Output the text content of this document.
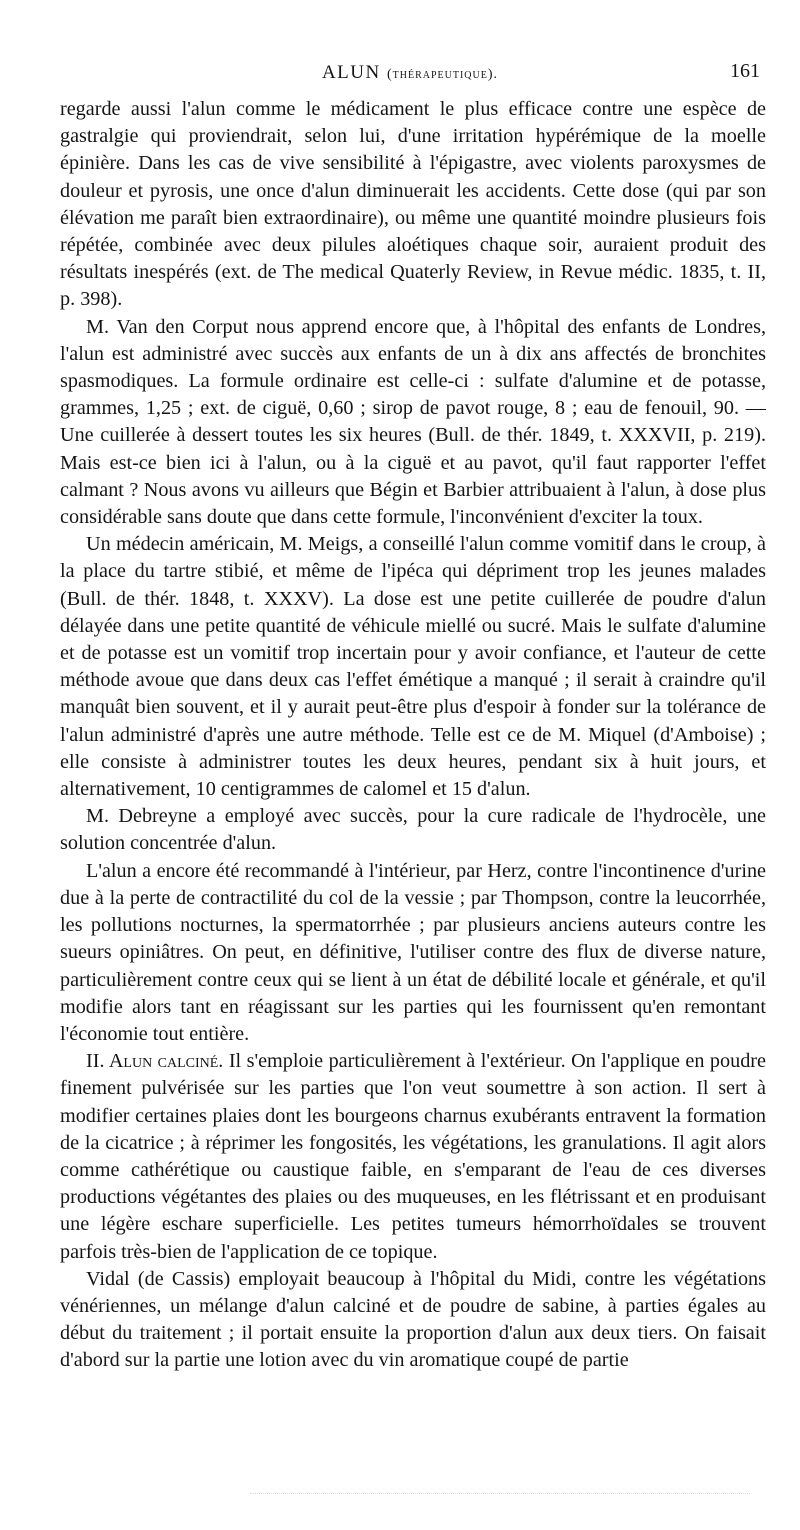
ALUN (thérapeutique).	161

regarde aussi l'alun comme le médicament le plus efficace contre une espèce de gastralgie qui proviendrait, selon lui, d'une irritation hypérémique de la moelle épinière. Dans les cas de vive sensibilité à l'épigastre, avec violents paroxysmes de douleur et pyrosis, une once d'alun diminuerait les accidents. Cette dose (qui par son élévation me paraît bien extraordinaire), ou même une quantité moindre plusieurs fois répétée, combinée avec deux pilules aloétiques chaque soir, auraient produit des résultats inespérés (ext. de The medical Quaterly Review, in Revue médic. 1835, t. II, p. 398).

M. Van den Corput nous apprend encore que, à l'hôpital des enfants de Londres, l'alun est administré avec succès aux enfants de un à dix ans affectés de bronchites spasmodiques. La formule ordinaire est celle-ci : sulfate d'alumine et de potasse, grammes, 1,25 ; ext. de ciguë, 0,60 ; sirop de pavot rouge, 8 ; eau de fenouil, 90. — Une cuillerée à dessert toutes les six heures (Bull. de thér. 1849, t. XXXVII, p. 219). Mais est-ce bien ici à l'alun, ou à la ciguë et au pavot, qu'il faut rapporter l'effet calmant ? Nous avons vu ailleurs que Bégin et Barbier attribuaient à l'alun, à dose plus considérable sans doute que dans cette formule, l'inconvénient d'exciter la toux.

Un médecin américain, M. Meigs, a conseillé l'alun comme vomitif dans le croup, à la place du tartre stibié, et même de l'ipéca qui dépriment trop les jeunes malades (Bull. de thér. 1848, t. XXXV). La dose est une petite cuillerée de poudre d'alun délayée dans une petite quantité de véhicule miellé ou sucré. Mais le sulfate d'alumine et de potasse est un vomitif trop incertain pour y avoir confiance, et l'auteur de cette méthode avoue que dans deux cas l'effet émétique a manqué ; il serait à craindre qu'il manquât bien souvent, et il y aurait peut-être plus d'espoir à fonder sur la tolérance de l'alun administré d'après une autre méthode. Telle est ce de M. Miquel (d'Amboise) ; elle consiste à administrer toutes les deux heures, pendant six à huit jours, et alternativement, 10 centigrammes de calomel et 15 d'alun.

M. Debreyne a employé avec succès, pour la cure radicale de l'hydrocèle, une solution concentrée d'alun.

L'alun a encore été recommandé à l'intérieur, par Herz, contre l'incontinence d'urine due à la perte de contractilité du col de la vessie ; par Thompson, contre la leucorrhée, les pollutions nocturnes, la spermatorrhée ; par plusieurs anciens auteurs contre les sueurs opiniâtres. On peut, en définitive, l'utiliser contre des flux de diverse nature, particulièrement contre ceux qui se lient à un état de débilité locale et générale, et qu'il modifie alors tant en réagissant sur les parties qui les fournissent qu'en remontant l'économie tout entière.

II. Alun calciné. Il s'emploie particulièrement à l'extérieur. On l'applique en poudre finement pulvérisée sur les parties que l'on veut soumettre à son action. Il sert à modifier certaines plaies dont les bourgeons charnus exubérants entravent la formation de la cicatrice ; à réprimer les fongosités, les végétations, les granulations. Il agit alors comme cathérétique ou caustique faible, en s'emparant de l'eau de ces diverses productions végétantes des plaies ou des muqueuses, en les flétrissant et en produisant une légère eschare superficielle. Les petites tumeurs hémorrhoïdales se trouvent parfois très-bien de l'application de ce topique.

Vidal (de Cassis) employait beaucoup à l'hôpital du Midi, contre les végétations vénériennes, un mélange d'alun calciné et de poudre de sabine, à parties égales au début du traitement ; il portait ensuite la proportion d'alun aux deux tiers. On faisait d'abord sur la partie une lotion avec du vin aromatique coupé de partie
